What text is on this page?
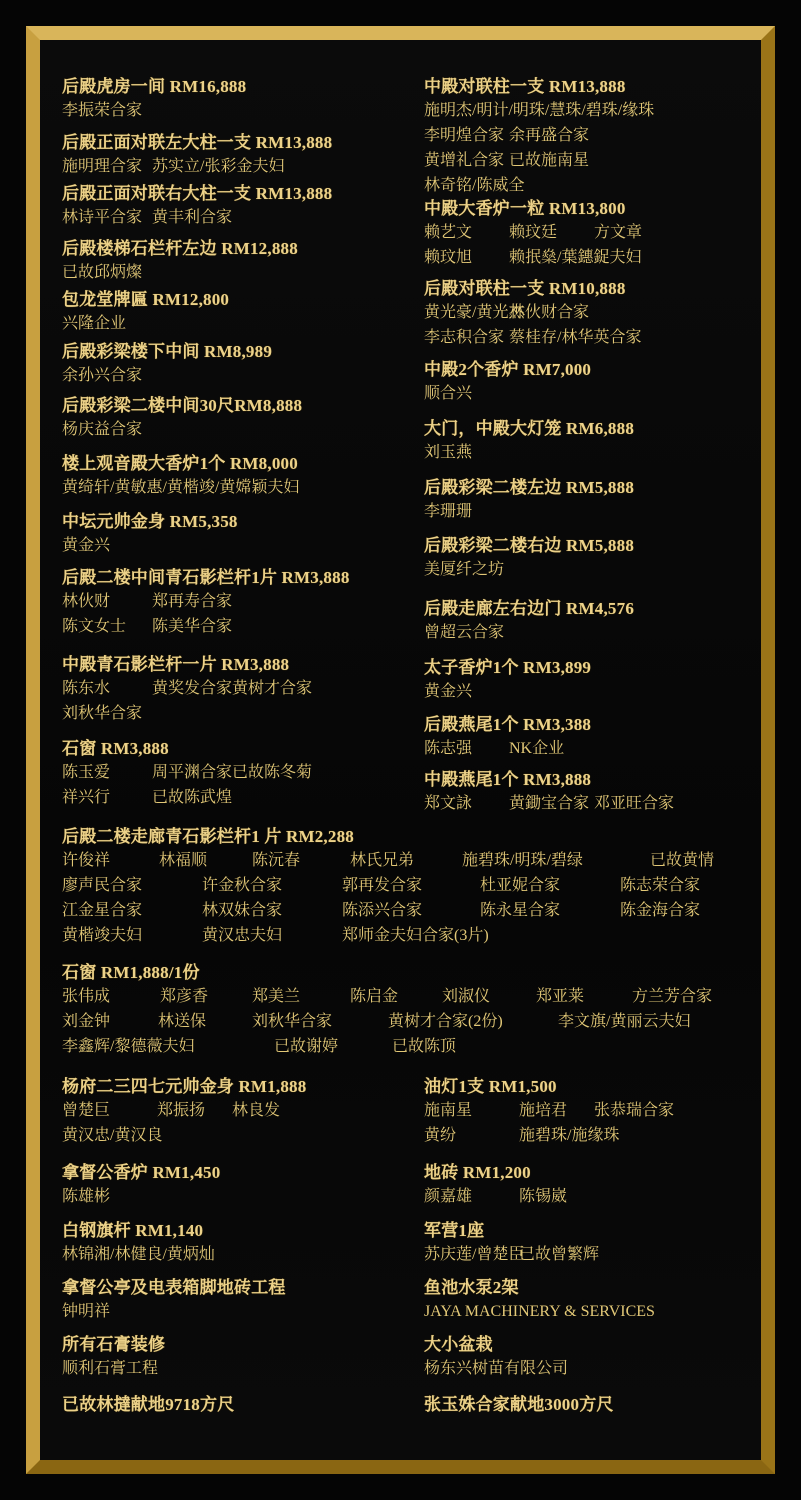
后殿虎房一间 RM16,888
李振荣合家
后殿正面对联左大柱一支 RM13,888
施明理合家 苏实立/张彩金夫妇
后殿正面对联右大柱一支 RM13,888
林诗平合家 黄丰利合家
后殿楼梯石栏杆左边 RM12,888
已故邱炳燦
包龙堂牌匾 RM12,800
兴隆企业
后殿彩梁楼下中间 RM8,989
余孙兴合家
后殿彩梁二楼中间30尺RM8,888
杨庆益合家
楼上观音殿大香炉1个 RM8,000
黄绮轩/黄敏惠/黄楷竣/黄嫦颖夫妇
中坛元帅金身 RM5,358
黄金兴
后殿二楼中间青石影栏杆1片 RM3,888
林伙财	郑再寿合家
陈文女士 陈美华合家
中殿青石影栏杆一片 RM3,888
陈东水	黄奖发合家 黄树才合家
刘秋华合家
石窗 RM3,888
陈玉爱	周平渊合家 已故陈冬菊
祥兴行	已故陈武煌
中殿对联柱一支 RM13,888
施明杰/明计/明珠/慧珠/碧珠/缘珠
李明煌合家 余再盛合家
黄增礼合家 已故施南星
林奇铭/陈威全
中殿大香炉一粒 RM13,800
赖艺文 赖玟廷 方文章
赖玟旭 赖抿燊/葉鏸鋜夫妇
后殿对联柱一支 RM10,888
黄光豪/黄光杰
林伙财合家
李志积合家 蔡桂存/林华英合家
中殿2个香炉 RM7,000
顺合兴
大门，中殿大灯笼 RM6,888
刘玉燕
后殿彩梁二楼左边 RM5,888
李珊珊
后殿彩梁二楼右边 RM5,888
美厦纤之坊
后殿走廊左右边门 RM4,576
曾超云合家
太子香炉1个 RM3,899
黄金兴
后殿燕尾1个 RM3,388
陈志强 NK企业
中殿燕尾1个 RM3,888
郑文詠 黄鋤宝合家 邓亚旺合家
后殿二楼走廊青石影栏杆1 片 RM2,288
许俊祥	林福顺	陈沅春	林氏兄弟	施碧珠/明珠/碧绿	已故黄情
廖声民合家	许金秋合家	郭再发合家	杜亚妮合家	陈志荣合家
江金星合家	林双妹合家	陈添兴合家	陈永星合家	陈金海合家
黄楷竣夫妇	黄汉忠夫妇	郑师金夫妇合家(3片)
石窗 RM1,888/1份
张伟成	郑彦香	郑美兰	陈启金	刘淑仪	郑亚莱	方兰芳合家
刘金钟	林送保	刘秋华合家	黄树才合家(2份)	李文旗/黄丽云夫妇
李鑫辉/黎德薇夫妇	已故谢婷	已故陈顶
杨府二三四七元帅金身 RM1,888
曾楚巨	郑振扬 林良发
黄汉忠/黄汉良
拿督公香炉 RM1,450
陈雄彬
白钢旗杆 RM1,140
林锦湘/林健良/黄炳灿
拿督公亭及电表箱脚地砖工程
钟明祥
所有石膏装修
顺利石膏工程
已故林撻献地9718方尺
油灯1支 RM1,500
施南星	施培君 张恭瑞合家
黄纷	施碧珠/施缘珠
地砖 RM1,200
颜嘉雄	陈锡崴
军营1座
苏庆莲/曾楚臣
已故曾繁辉
鱼池水泵2架
JAYA MACHINERY & SERVICES
大小盆栽
杨东兴树苗有限公司
张玉姝合家献地3000方尺
